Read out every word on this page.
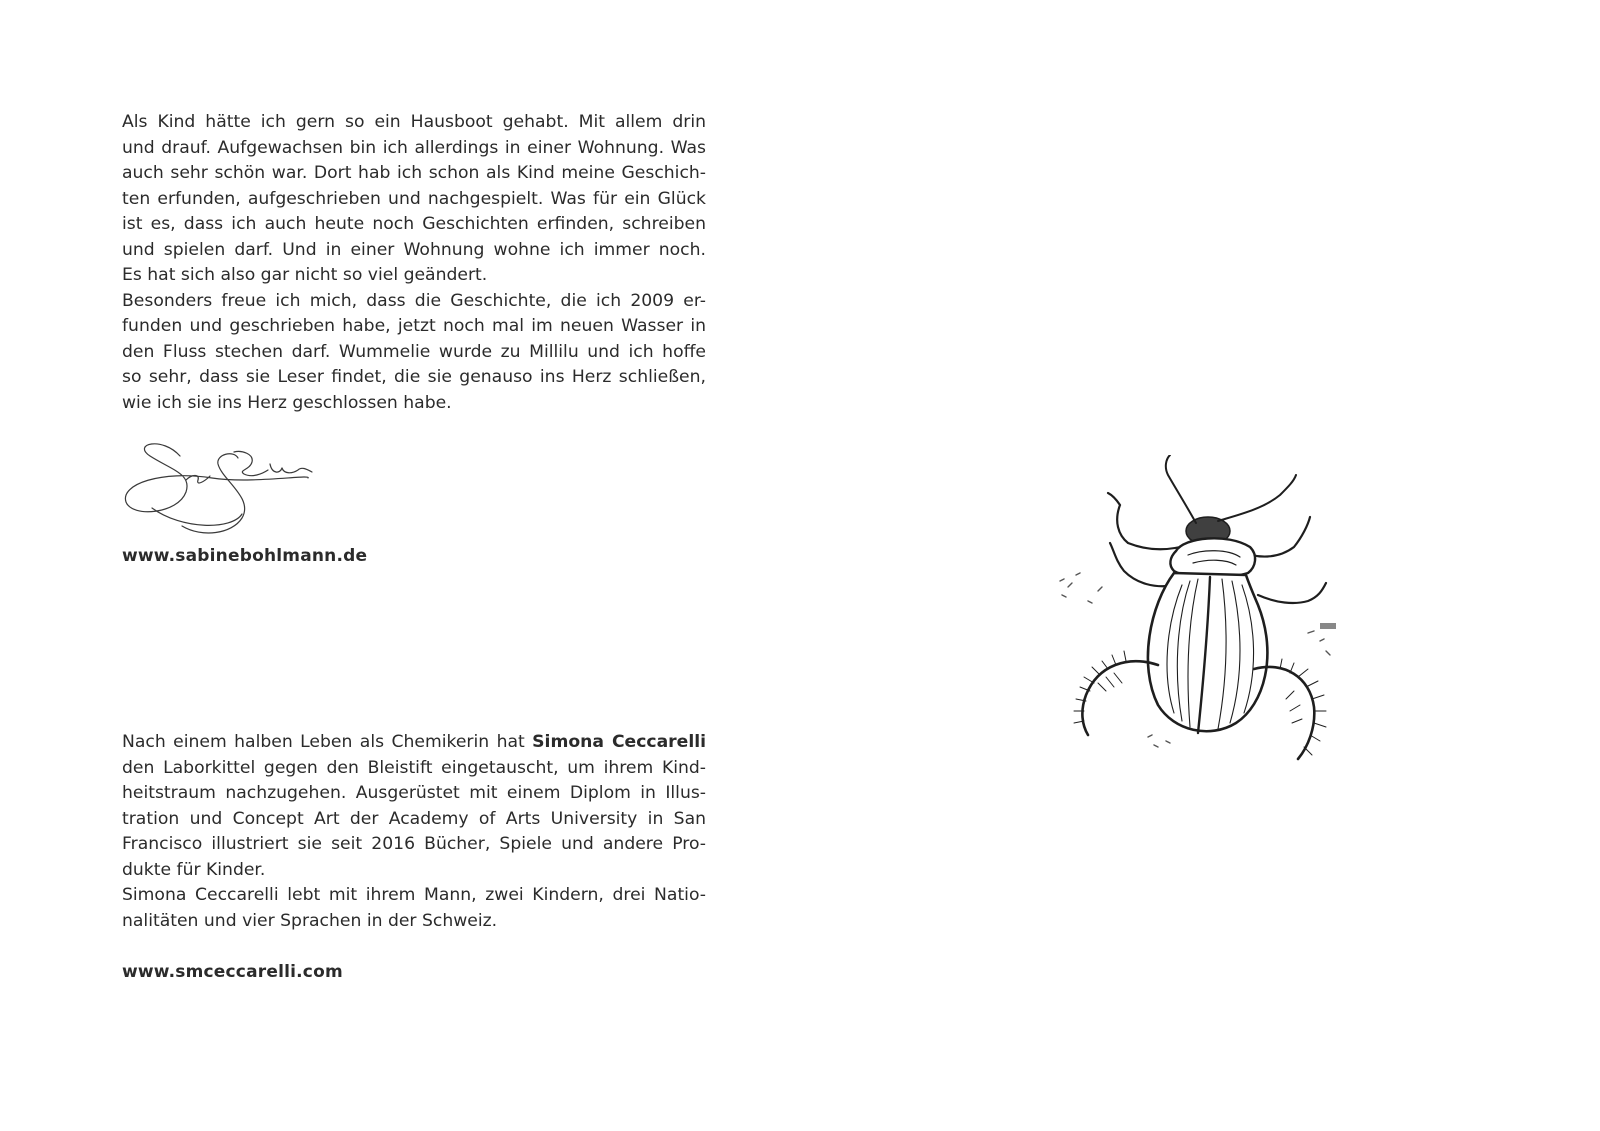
Als Kind hätte ich gern so ein Hausboot gehabt. Mit allem drin
und drauf. Aufgewachsen bin ich allerdings in einer Wohnung. Was
auch sehr schön war. Dort hab ich schon als Kind meine Geschich-
ten erfunden, aufgeschrieben und nachgespielt. Was für ein Glück
ist es, dass ich auch heute noch Geschichten erfinden, schreiben
und spielen darf. Und in einer Wohnung wohne ich immer noch.
Es hat sich also gar nicht so viel geändert.
Besonders freue ich mich, dass die Geschichte, die ich 2009 er-
funden und geschrieben habe, jetzt noch mal im neuen Wasser in
den Fluss stechen darf. Wummelie wurde zu Millilu und ich hoffe
so sehr, dass sie Leser findet, die sie genauso ins Herz schließen,
wie ich sie ins Herz geschlossen habe.
www.sabinebohlmann.de
Nach einem halben Leben als Chemikerin hat Simona Ceccarelli
den Laborkittel gegen den Bleistift eingetauscht, um ihrem Kind-
heitstraum nachzugehen. Ausgerüstet mit einem Diplom in Illus-
tration und Concept Art der Academy of Arts University in San
Francisco illustriert sie seit 2016 Bücher, Spiele und andere Pro-
dukte für Kinder.
Simona Ceccarelli lebt mit ihrem Mann, zwei Kindern, drei Natio-
nalitäten und vier Sprachen in der Schweiz.
www.smceccarelli.com
